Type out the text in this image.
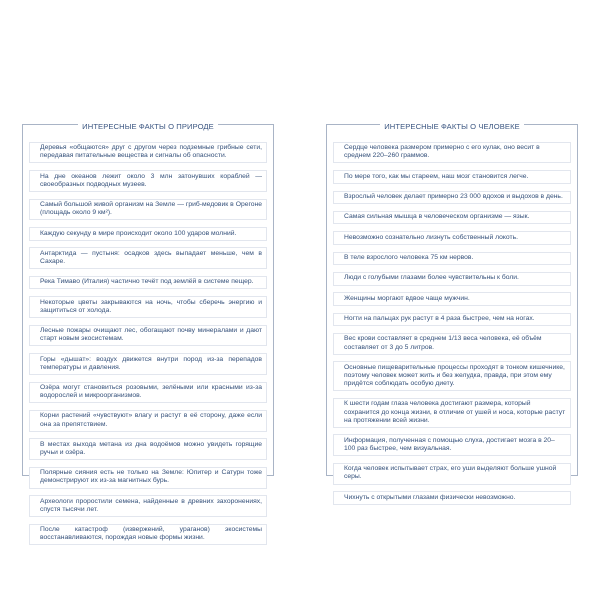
ИНТЕРЕСНЫЕ ФАКТЫ О ПРИРОДЕ

Деревья «общаются» друг с другом через подземные грибные сети, передавая питательные вещества и сигналы об опасности.

На дне океанов лежит около 3 млн затонувших кораблей — своеобразных подводных музеев.

Самый большой живой организм на Земле — гриб-медовик в Орегоне (площадь около 9 км²).

Каждую секунду в мире происходит около 100 ударов молний.

Антарктида — пустыня: осадков здесь выпадает меньше, чем в Сахаре.

Река Тимаво (Италия) частично течёт под землёй в системе пещер.

Некоторые цветы закрываются на ночь, чтобы сберечь энергию и защититься от холода.

Лесные пожары очищают лес, обогащают почву минералами и дают старт новым экосистемам.

Горы «дышат»: воздух движется внутри пород из-за перепадов температуры и давления.

Озёра могут становиться розовыми, зелёными или красными из-за водорослей и микроорганизмов.

Корни растений «чувствуют» влагу и растут в её сторону, даже если она за препятствием.

В местах выхода метана из дна водоёмов можно увидеть горящие ручьи и озёра.

Полярные сияния есть не только на Земле: Юпитер и Сатурн тоже демонстрируют их из-за магнитных бурь.

Археологи проростили семена, найденные в древних захоронениях, спустя тысячи лет.

После катастроф (извержений, ураганов) экосистемы восстанавливаются, порождая новые формы жизни.

ИНТЕРЕСНЫЕ ФАКТЫ О ЧЕЛОВЕКЕ

Сердце человека размером примерно с его кулак, оно весит в среднем 220–260 граммов.

По мере того, как мы стареем, наш мозг становится легче.

Взрослый человек делает примерно 23 000 вдохов и выдохов в день.

Самая сильная мышца в человеческом организме — язык.

Невозможно сознательно лизнуть собственный локоть.

В теле взрослого человека 75 км нервов.

Люди с голубыми глазами более чувствительны к боли.

Женщины моргают вдвое чаще мужчин.

Ногти на пальцах рук растут в 4 раза быстрее, чем на ногах.

Вес крови составляет в среднем 1/13 веса человека, её объём составляет от 3 до 5 литров.

Основные пищеварительные процессы проходят в тонком кишечнике, поэтому человек может жить и без желудка, правда, при этом ему придётся соблюдать особую диету.

К шести годам глаза человека достигают размера, который сохранится до конца жизни, в отличие от ушей и носа, которые растут на протяжении всей жизни.

Информация, полученная с помощью слуха, достигает мозга в 20–100 раз быстрее, чем визуальная.

Когда человек испытывает страх, его уши выделяют больше ушной серы.

Чихнуть с открытыми глазами физически невозможно.
